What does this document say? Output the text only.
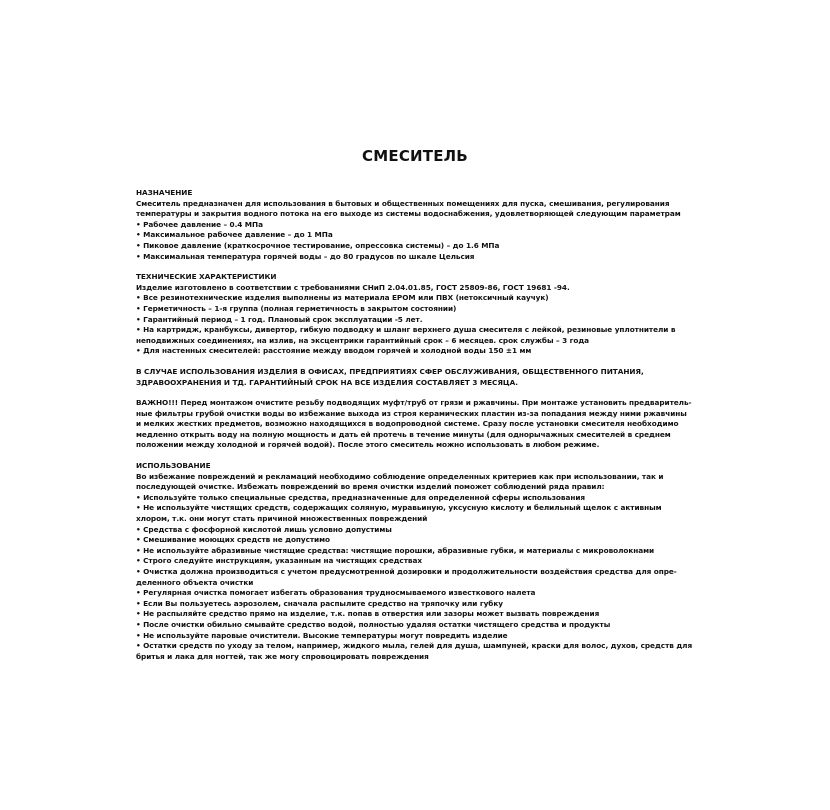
СМЕСИТЕЛЬ
НАЗНАЧЕНИЕ
Смеситель предназначен для использования в бытовых и общественных помещениях для пуска, смешивания, регулирования
температуры и закрытия водного потока на его выходе из системы водоснабжения, удовлетворяющей следующим параметрам
• Рабочее давление – 0.4 МПа
• Максимальное рабочее давление – до 1 МПа
• Пиковое давление (краткосрочное тестирование, опрессовка системы) – до 1.6 МПа
• Максимальная температура горячей воды – до 80 градусов по шкале Цельсия
ТЕХНИЧЕСКИЕ ХАРАКТЕРИСТИКИ
Изделие изготовлено в соответствии с требованиями СНиП 2.04.01.85, ГОСТ 25809-86, ГОСТ 19681 -94.
• Все резинотехнические изделия выполнены из материала EPOM или ПВХ (нетоксичный каучук)
• Герметичность – 1-я группа (полная герметичность в закрытом состоянии)
• Гарантийный период – 1 год. Плановый срок эксплуатации -5 лет.
• На картридж, кранбуксы, дивертор, гибкую подводку и шланг верхнего душа смесителя с лейкой, резиновые уплотнители в
неподвижных соединениях, на излив, на эксцентрики гарантийный срок – 6 месяцев. срок службы – 3 года
• Для настенных смесителей: расстояние между вводом горячей и холодной воды 150 ±1 мм
В СЛУЧАЕ ИСПОЛЬЗОВАНИЯ ИЗДЕЛИЯ В ОФИСАХ, ПРЕДПРИЯТИЯХ СФЕР ОБСЛУЖИВАНИЯ, ОБЩЕСТВЕННОГО ПИТАНИЯ,
ЗДРАВООХРАНЕНИЯ И ТД. ГАРАНТИЙНЫЙ СРОК НА ВСЕ ИЗДЕЛИЯ СОСТАВЛЯЕТ 3 МЕСЯЦА.
ВАЖНО!!! Перед монтажом очистите резьбу подводящих муфт/труб от грязи и ржавчины. При монтаже установить предваритель-
ные фильтры грубой очистки воды во избежание выхода из строя керамических пластин из-за попадания между ними ржавчины
и мелких жестких предметов, возможно находящихся в водопроводной системе. Сразу после установки смесителя необходимо
медленно открыть воду на полную мощность и дать ей протечь в течение минуты (для однорычажных смесителей в среднем
положении между холодной и горячей водой). После этого смеситель можно использовать в любом режиме.
ИСПОЛЬЗОВАНИЕ
Во избежание повреждений и рекламаций необходимо соблюдение определенных критериев как при использовании, так и
последующей очистке. Избежать повреждений во время очистки изделий поможет соблюдений ряда правил:
• Используйте только специальные средства, предназначенные для определенной сферы использования
• Не используйте чистящих средств, содержащих соляную, муравьиную, уксусную кислоту и белильный щелок с активным
хлором, т.к. они могут стать причиной множественных повреждений
• Средства с фосфорной кислотой лишь условно допустимы
• Смешивание моющих средств не допустимо
• Не используйте абразивные чистящие средства: чистящие порошки, абразивные губки, и материалы с микроволокнами
• Строго следуйте инструкциям, указанным на чистящих средствах
• Очистка должна производиться с учетом предусмотренной дозировки и продолжительности воздействия средства для опре-
деленного объекта очистки
• Регулярная очистка помогает избегать образования трудносмываемого известкового налета
• Если Вы пользуетесь аэрозолем, сначала распылите средство на тряпочку или губку
• Не распыляйте средство прямо на изделие, т.к. попав в отверстия или зазоры может вызвать повреждения
• После очистки обильно смывайте средство водой, полностью удаляя остатки чистящего средства и продукты
• Не используйте паровые очистители. Высокие температуры могут повредить изделие
• Остатки средств по уходу за телом, например, жидкого мыла, гелей для душа, шампуней, краски для волос, духов, средств для
бритья и лака для ногтей, так же могу спровоцировать повреждения
